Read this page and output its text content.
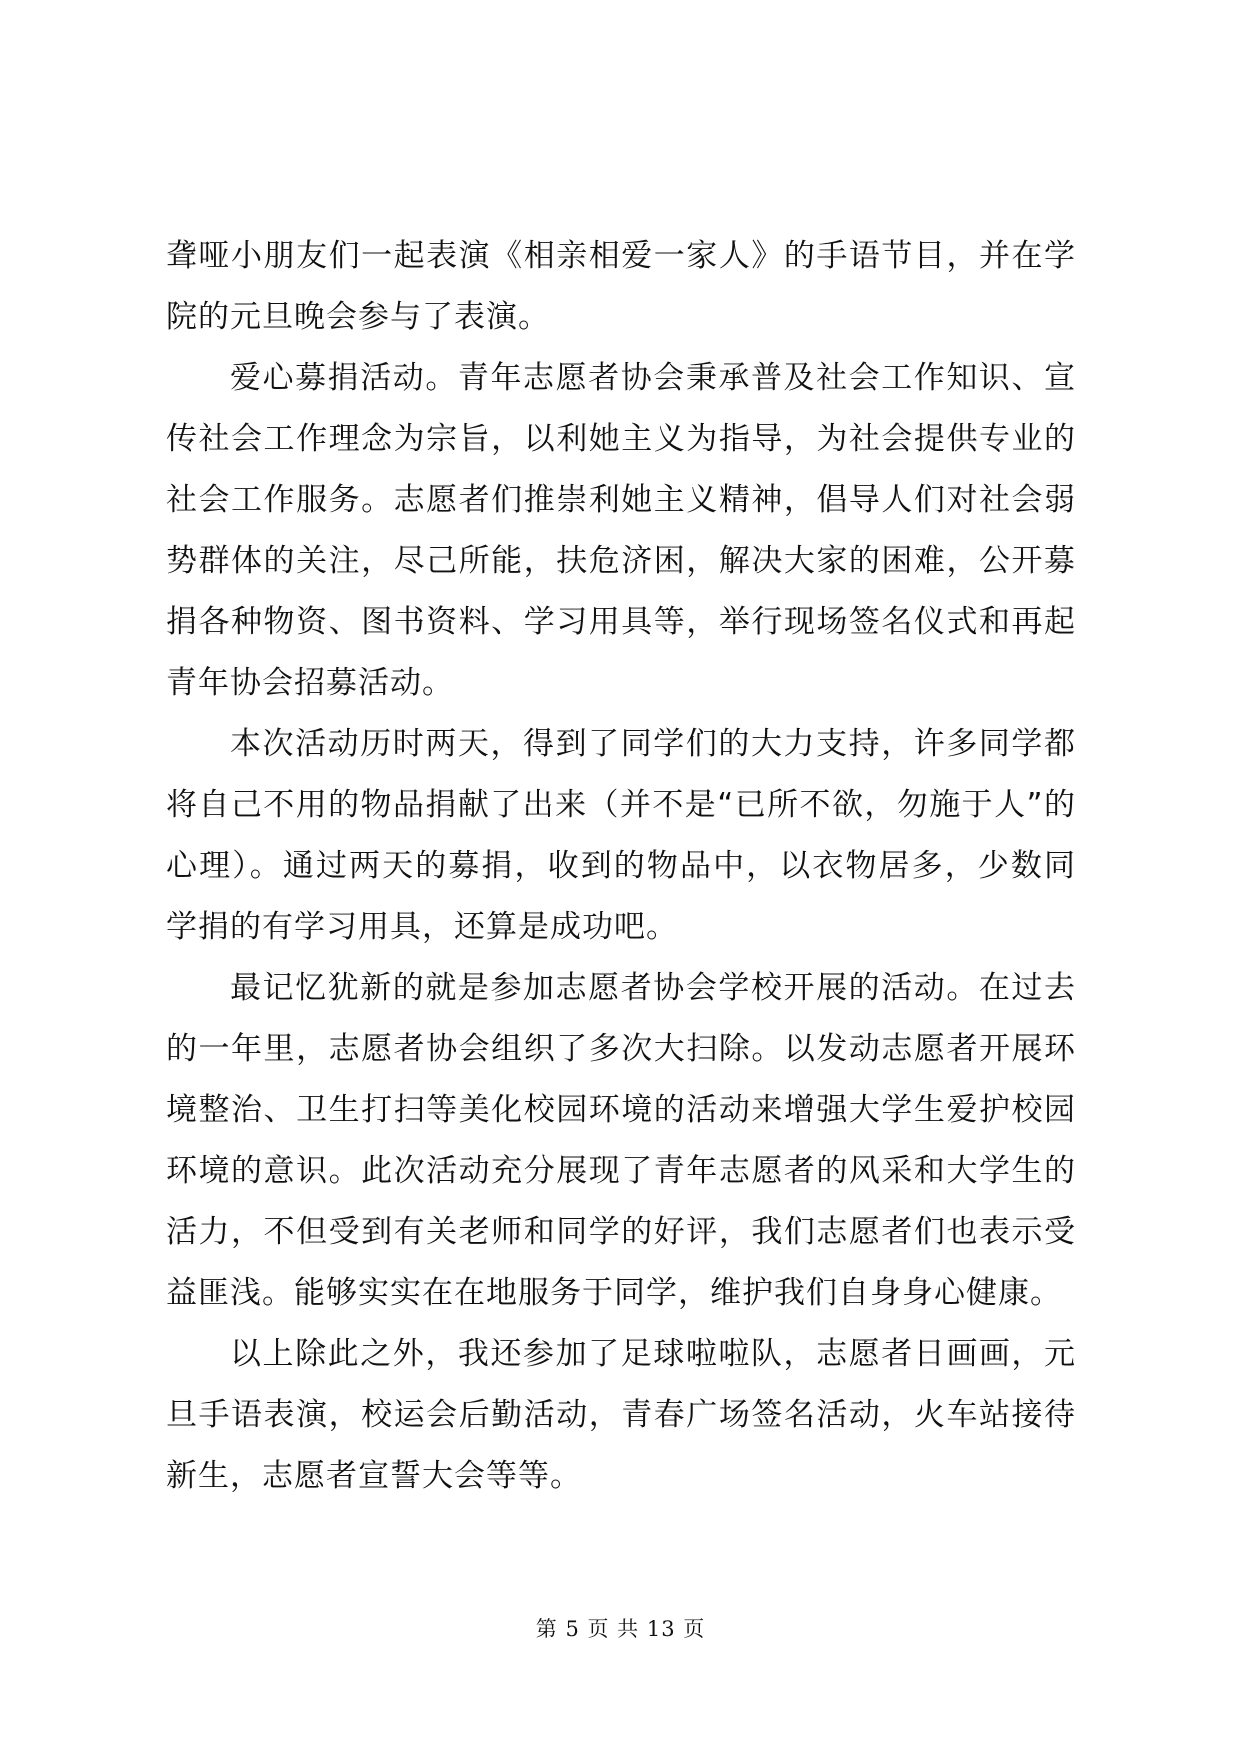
聋哑小朋友们一起表演《相亲相爱一家人》的手语节目，并在学院的元旦晚会参与了表演。

爱心募捐活动。青年志愿者协会秉承普及社会工作知识、宣传社会工作理念为宗旨，以利她主义为指导，为社会提供专业的社会工作服务。志愿者们推崇利她主义精神，倡导人们对社会弱势群体的关注，尽己所能，扶危济困，解决大家的困难，公开募捐各种物资、图书资料、学习用具等，举行现场签名仪式和再起青年协会招募活动。

本次活动历时两天，得到了同学们的大力支持，许多同学都将自己不用的物品捐献了出来（并不是“已所不欲，勿施于人”的心理）。通过两天的募捐，收到的物品中，以衣物居多，少数同学捐的有学习用具，还算是成功吧。

最记忆犹新的就是参加志愿者协会学校开展的活动。在过去的一年里，志愿者协会组织了多次大扫除。以发动志愿者开展环境整治、卫生打扫等美化校园环境的活动来增强大学生爱护校园环境的意识。此次活动充分展现了青年志愿者的风采和大学生的活力，不但受到有关老师和同学的好评，我们志愿者们也表示受益匪浅。能够实实在在地服务于同学，维护我们自身身心健康。

以上除此之外，我还参加了足球啦啦队，志愿者日画画，元旦手语表演，校运会后勤活动，青春广场签名活动，火车站接待新生，志愿者宣誓大会等等。

第 5 页 共 13 页
